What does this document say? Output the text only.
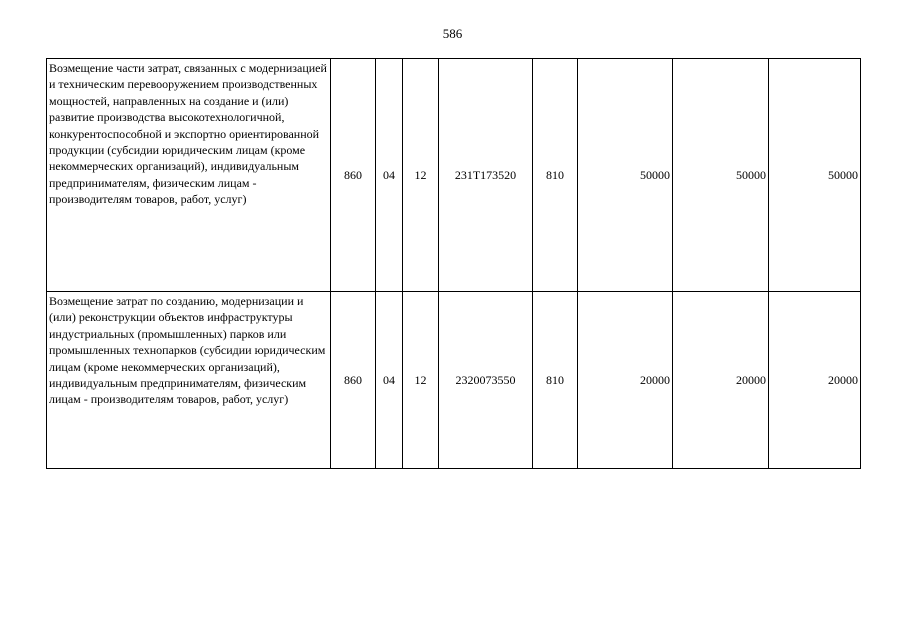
586
Возмещение части затрат, связанных с модернизацией и техническим перевооружением производственных мощностей, направленных на создание и (или) развитие производства высокотехнологичной, конкурентоспособной и экспортно ориентированной продукции (субсидии юридическим лицам (кроме некоммерческих организаций), индивидуальным предпринимателям, физическим лицам - производителям товаров, работ, услуг)	860	04	12	231Т173520	810	50000	50000	50000
Возмещение затрат по созданию, модернизации и (или) реконструкции объектов инфраструктуры индустриальных (промышленных) парков или промышленных технопарков (субсидии юридическим лицам (кроме некоммерческих организаций), индивидуальным предпринимателям, физическим лицам - производителям товаров, работ, услуг)	860	04	12	2320073550	810	20000	20000	20000
